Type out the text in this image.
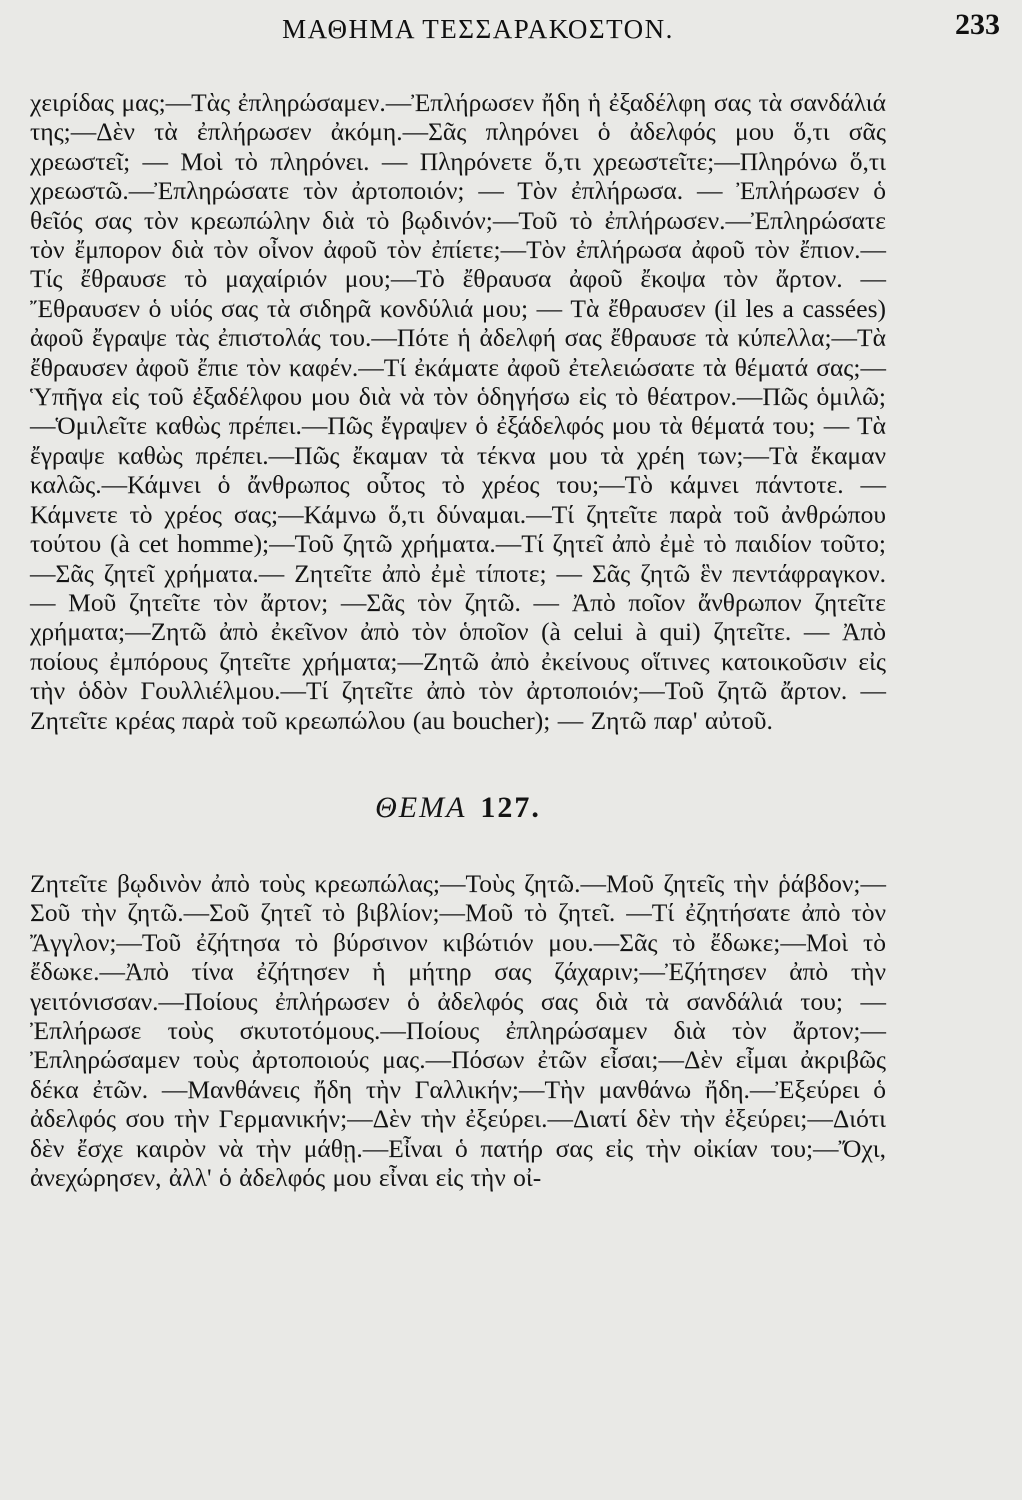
ΜΑΘΗΜΑ ΤΕΣΣΑΡΑΚΟΣΤΟΝ.	233

χειρίδας μας;—Τὰς ἐπληρώσαμεν.—Ἐπλήρωσεν ἤδη ἡ ἐξαδέλφη σας τὰ σανδάλιά της;—Δὲν τὰ ἐπλήρωσεν ἀκόμη.—Σᾶς πληρόνει ὁ ἀδελφός μου ὅ,τι σᾶς χρεωστεῖ; — Μοὶ τὸ πληρόνει. — Πληρόνετε ὅ,τι χρεωστεῖτε;—Πληρόνω ὅ,τι χρεωστῶ.—Ἐπληρώσατε τὸν ἀρτοποιόν; — Τὸν ἐπλήρωσα. — Ἐπλήρωσεν ὁ θεῖός σας τὸν κρεωπώλην διὰ τὸ βῳδινόν;—Τοῦ τὸ ἐπλήρωσεν.—Ἐπληρώσατε τὸν ἔμπορον διὰ τὸν οἶνον ἀφοῦ τὸν ἐπίετε;—Τὸν ἐπλήρωσα ἀφοῦ τὸν ἔπιον.—Τίς ἔθραυσε τὸ μαχαίριόν μου;—Τὸ ἔθραυσα ἀφοῦ ἔκοψα τὸν ἄρτον. — Ἔθραυσεν ὁ υἱός σας τὰ σιδηρᾶ κονδύλιά μου; — Τὰ ἔθραυσεν (il les a cassées) ἀφοῦ ἔγραψε τὰς ἐπιστολάς του.—Πότε ἡ ἀδελφή σας ἔθραυσε τὰ κύπελλα;—Τὰ ἔθραυσεν ἀφοῦ ἔπιε τὸν καφέν.—Τί ἐκάματε ἀφοῦ ἐτελειώσατε τὰ θέματά σας;—Ὑπῆγα εἰς τοῦ ἐξαδέλφου μου διὰ νὰ τὸν ὁδηγήσω εἰς τὸ θέατρον.—Πῶς ὁμιλῶ;—Ὁμιλεῖτε καθὼς πρέπει.—Πῶς ἔγραψεν ὁ ἐξάδελφός μου τὰ θέματά του; — Τὰ ἔγραψε καθὼς πρέπει.—Πῶς ἔκαμαν τὰ τέκνα μου τὰ χρέη των;—Τὰ ἔκαμαν καλῶς.—Κάμνει ὁ ἄνθρωπος οὗτος τὸ χρέος του;—Τὸ κάμνει πάντοτε. —Κάμνετε τὸ χρέος σας;—Κάμνω ὅ,τι δύναμαι.—Τί ζητεῖτε παρὰ τοῦ ἀνθρώπου τούτου (à cet homme);—Τοῦ ζητῶ χρήματα.—Τί ζητεῖ ἀπὸ ἐμὲ τὸ παιδίον τοῦτο;—Σᾶς ζητεῖ χρήματα.— Ζητεῖτε ἀπὸ ἐμὲ τίποτε; — Σᾶς ζητῶ ἓν πεντάφραγκον. — Μοῦ ζητεῖτε τὸν ἄρτον; —Σᾶς τὸν ζητῶ. — Ἀπὸ ποῖον ἄνθρωπον ζητεῖτε χρήματα;—Ζητῶ ἀπὸ ἐκεῖνον ἀπὸ τὸν ὁποῖον (à celui à qui) ζητεῖτε. — Ἀπὸ ποίους ἐμπόρους ζητεῖτε χρήματα;—Ζητῶ ἀπὸ ἐκείνους οἵτινες κατοικοῦσιν εἰς τὴν ὁδὸν Γουλλιέλμου.—Τί ζητεῖτε ἀπὸ τὸν ἀρτοποιόν;—Τοῦ ζητῶ ἄρτον. — Ζητεῖτε κρέας παρὰ τοῦ κρεωπώλου (au boucher); — Ζητῶ παρ' αὐτοῦ.

ΘΕΜΑ 127.

Ζητεῖτε βῳδινὸν ἀπὸ τοὺς κρεωπώλας;—Τοὺς ζητῶ.—Μοῦ ζητεῖς τὴν ῥάβδον;—Σοῦ τὴν ζητῶ.—Σοῦ ζητεῖ τὸ βιβλίον;—Μοῦ τὸ ζητεῖ. —Τί ἐζητήσατε ἀπὸ τὸν Ἄγγλον;—Τοῦ ἐζήτησα τὸ βύρσινον κιβώτιόν μου.—Σᾶς τὸ ἔδωκε;—Μοὶ τὸ ἔδωκε.—Ἀπὸ τίνα ἐζήτησεν ἡ μήτηρ σας ζάχαριν;—Ἐζήτησεν ἀπὸ τὴν γειτόνισσαν.—Ποίους ἐπλήρωσεν ὁ ἀδελφός σας διὰ τὰ σανδάλιά του; — Ἐπλήρωσε τοὺς σκυτοτόμους.—Ποίους ἐπληρώσαμεν διὰ τὸν ἄρτον;—Ἐπληρώσαμεν τοὺς ἀρτοποιούς μας.—Πόσων ἐτῶν εἶσαι;—Δὲν εἶμαι ἀκριβῶς δέκα ἐτῶν. —Μανθάνεις ἤδη τὴν Γαλλικήν;—Τὴν μανθάνω ἤδη.—Ἐξεύρει ὁ ἀδελφός σου τὴν Γερμανικήν;—Δὲν τὴν ἐξεύρει.—Διατί δὲν τὴν ἐξεύρει;—Διότι δὲν ἔσχε καιρὸν νὰ τὴν μάθῃ.—Εἶναι ὁ πατήρ σας εἰς τὴν οἰκίαν του;—Ὄχι, ἀνεχώρησεν, ἀλλ' ὁ ἀδελφός μου εἶναι εἰς τὴν οἰ-
